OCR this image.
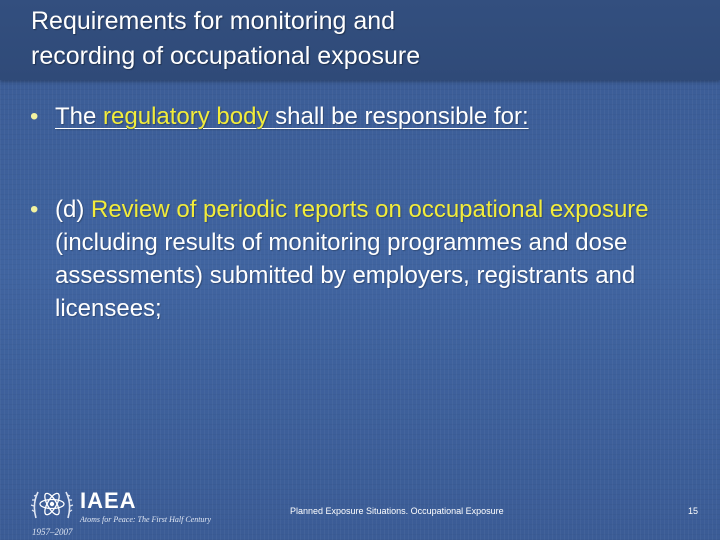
Requirements for monitoring and
recording of occupational exposure
• The regulatory body shall be responsible for:
• (d) Review of periodic reports on occupational exposure (including results of monitoring programmes and dose assessments) submitted by employers, registrants and licensees;
IAEA
Atoms for Peace: The First Half Century
1957–2007
Planned Exposure Situations. Occupational Exposure	15
